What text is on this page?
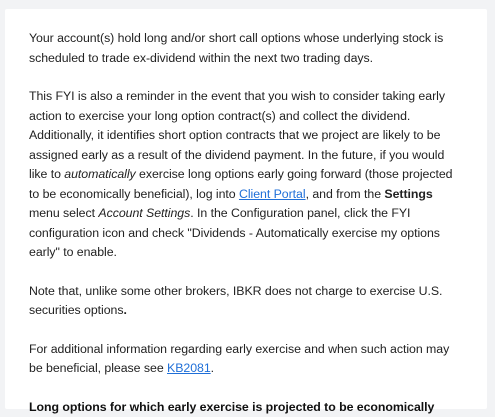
Your account(s) hold long and/or short call options whose underlying stock is scheduled to trade ex-dividend within the next two trading days.

This FYI is also a reminder in the event that you wish to consider taking early action to exercise your long option contract(s) and collect the dividend. Additionally, it identifies short option contracts that we project are likely to be assigned early as a result of the dividend payment. In the future, if you would like to automatically exercise long options early going forward (those projected to be economically beneficial), log into Client Portal, and from the Settings menu select Account Settings. In the Configuration panel, click the FYI configuration icon and check "Dividends - Automatically exercise my options early" to enable.

Note that, unlike some other brokers, IBKR does not charge to exercise U.S. securities options.

For additional information regarding early exercise and when such action may be beneficial, please see KB2081.

Long options for which early exercise is projected to be economically
